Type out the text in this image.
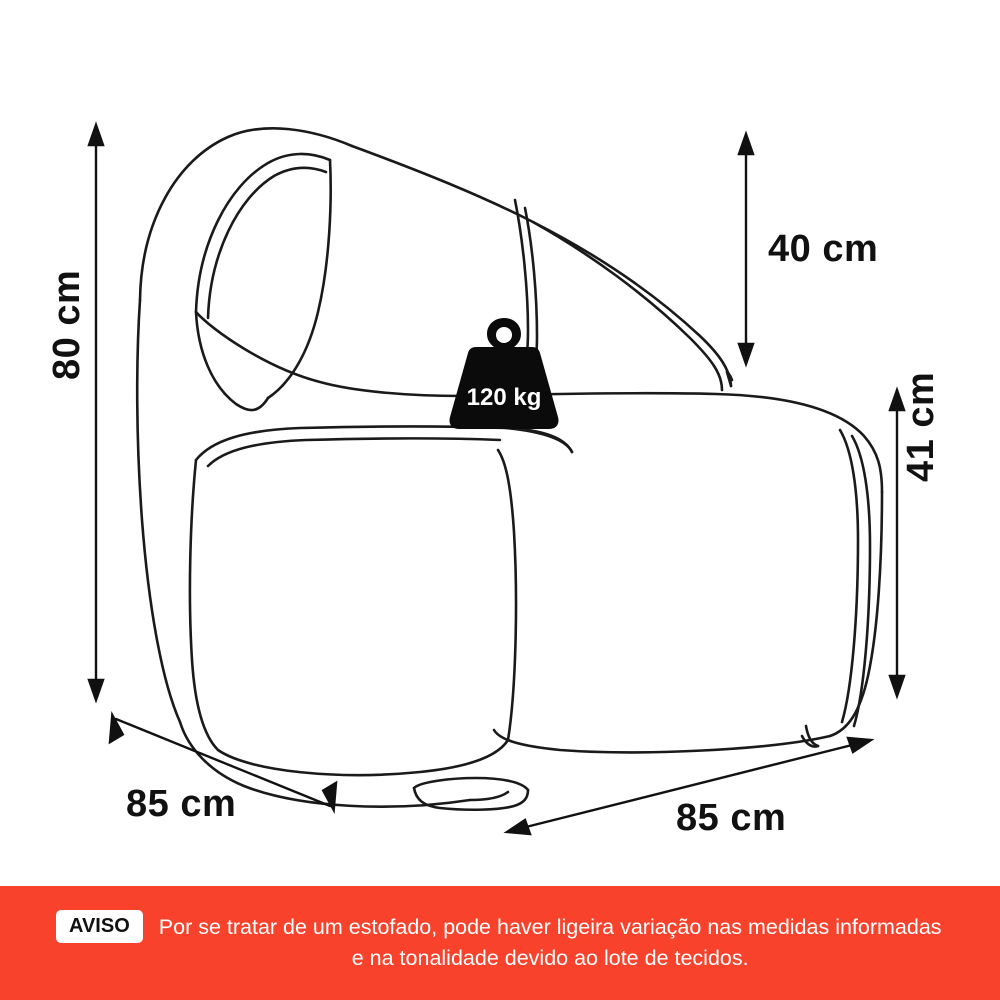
80 cm
40 cm
41 cm
85 cm	85 cm
120 kg
AVISO	Por se tratar de um estofado, pode haver ligeira variação nas medidas informadas
e na tonalidade devido ao lote de tecidos.
